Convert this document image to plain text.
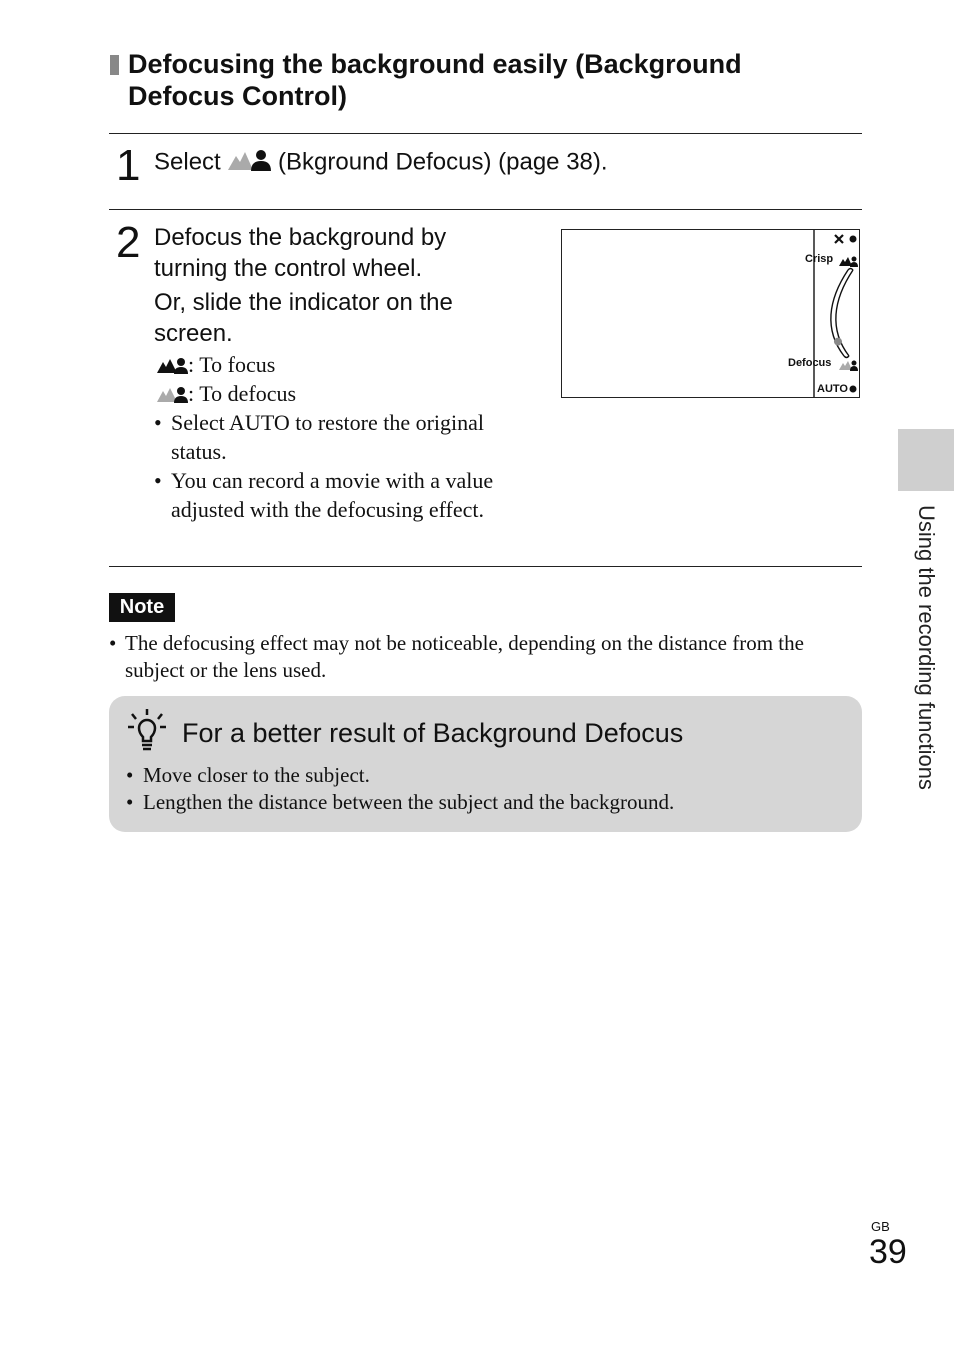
Defocusing the background easily (Background Defocus Control)
1 Select (Bkground Defocus) (page 38).
2 Defocus the background by turning the control wheel.
Or, slide the indicator on the screen.
: To focus
: To defocus
• Select AUTO to restore the original status.
• You can record a movie with a value adjusted with the defocusing effect.
Crisp
Defocus
AUTO
Note
• The defocusing effect may not be noticeable, depending on the distance from the subject or the lens used.
For a better result of Background Defocus
• Move closer to the subject.
• Lengthen the distance between the subject and the background.
Using the recording functions
GB
39
